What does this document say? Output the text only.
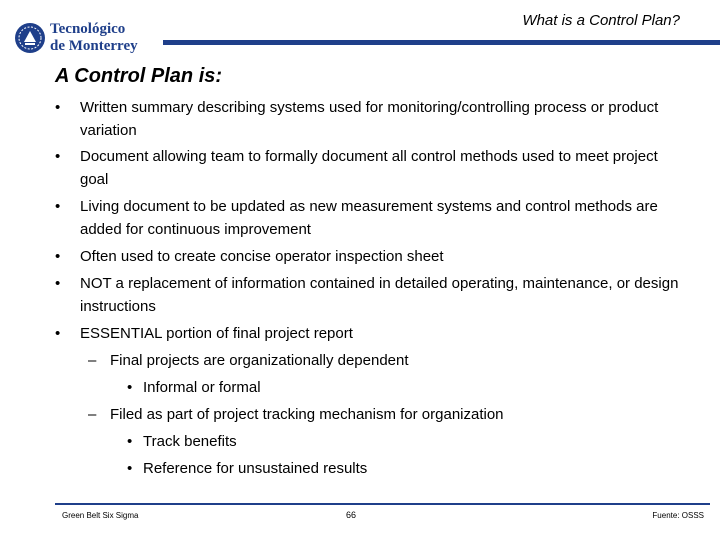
Tecnológico
de Monterrey
What is a Control Plan?
A Control Plan is:
• Written summary describing systems used for monitoring/controlling process or product variation
• Document allowing team to formally document all control methods used to meet project goal
• Living document to be updated as new measurement systems and control methods are added for continuous improvement
• Often used to create concise operator inspection sheet
• NOT a replacement of information contained in detailed operating, maintenance, or design instructions
• ESSENTIAL portion of final project report
– Final projects are organizationally dependent
• Informal or formal
– Filed as part of project tracking mechanism for organization
• Track benefits
• Reference for unsustained results
Green Belt Six Sigma	66	Fuente: OSSS
